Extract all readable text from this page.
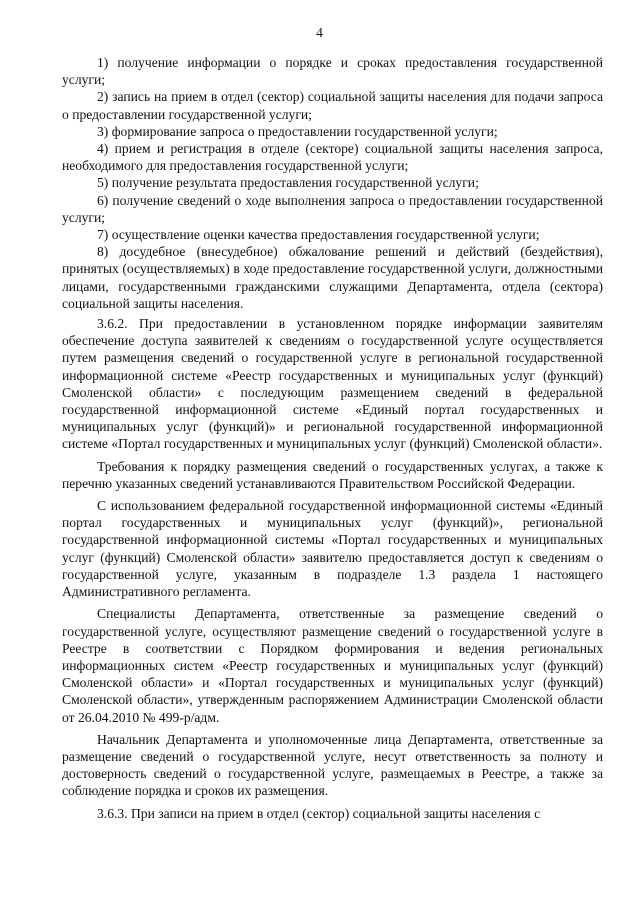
4

1) получение информации о порядке и сроках предоставления государственной услуги;

2) запись на прием в отдел (сектор) социальной защиты населения для подачи запроса о предоставлении государственной услуги;

3) формирование запроса о предоставлении государственной услуги;

4) прием и регистрация в отделе (секторе) социальной защиты населения запроса, необходимого для предоставления государственной услуги;

5) получение результата предоставления государственной услуги;

6) получение сведений о ходе выполнения запроса о предоставлении государственной услуги;

7) осуществление оценки качества предоставления государственной услуги;

8) досудебное (внесудебное) обжалование решений и действий (бездействия), принятых (осуществляемых) в ходе предоставление государственной услуги, должностными лицами, государственными гражданскими служащими Департамента, отдела (сектора) социальной защиты населения.

3.6.2. При предоставлении в установленном порядке информации заявителям обеспечение доступа заявителей к сведениям о государственной услуге осуществляется путем размещения сведений о государственной услуге в региональной государственной информационной системе «Реестр государственных и муниципальных услуг (функций) Смоленской области» с последующим размещением сведений в федеральной государственной информационной системе «Единый портал государственных и муниципальных услуг (функций)» и региональной государственной информационной системе «Портал государственных и муниципальных услуг (функций) Смоленской области».

Требования к порядку размещения сведений о государственных услугах, а также к перечню указанных сведений устанавливаются Правительством Российской Федерации.

С использованием федеральной государственной информационной системы «Единый портал государственных и муниципальных услуг (функций)», региональной государственной информационной системы «Портал государственных и муниципальных услуг (функций) Смоленской области» заявителю предоставляется доступ к сведениям о государственной услуге, указанным в подразделе 1.3 раздела 1 настоящего Административного регламента.

Специалисты Департамента, ответственные за размещение сведений о государственной услуге, осуществляют размещение сведений о государственной услуге в Реестре в соответствии с Порядком формирования и ведения региональных информационных систем «Реестр государственных и муниципальных услуг (функций) Смоленской области» и «Портал государственных и муниципальных услуг (функций) Смоленской области», утвержденным распоряжением Администрации Смоленской области от 26.04.2010 № 499-р/адм.

Начальник Департамента и уполномоченные лица Департамента, ответственные за размещение сведений о государственной услуге, несут ответственность за полноту и достоверность сведений о государственной услуге, размещаемых в Реестре, а также за соблюдение порядка и сроков их размещения.

3.6.3. При записи на прием в отдел (сектор) социальной защиты населения с
